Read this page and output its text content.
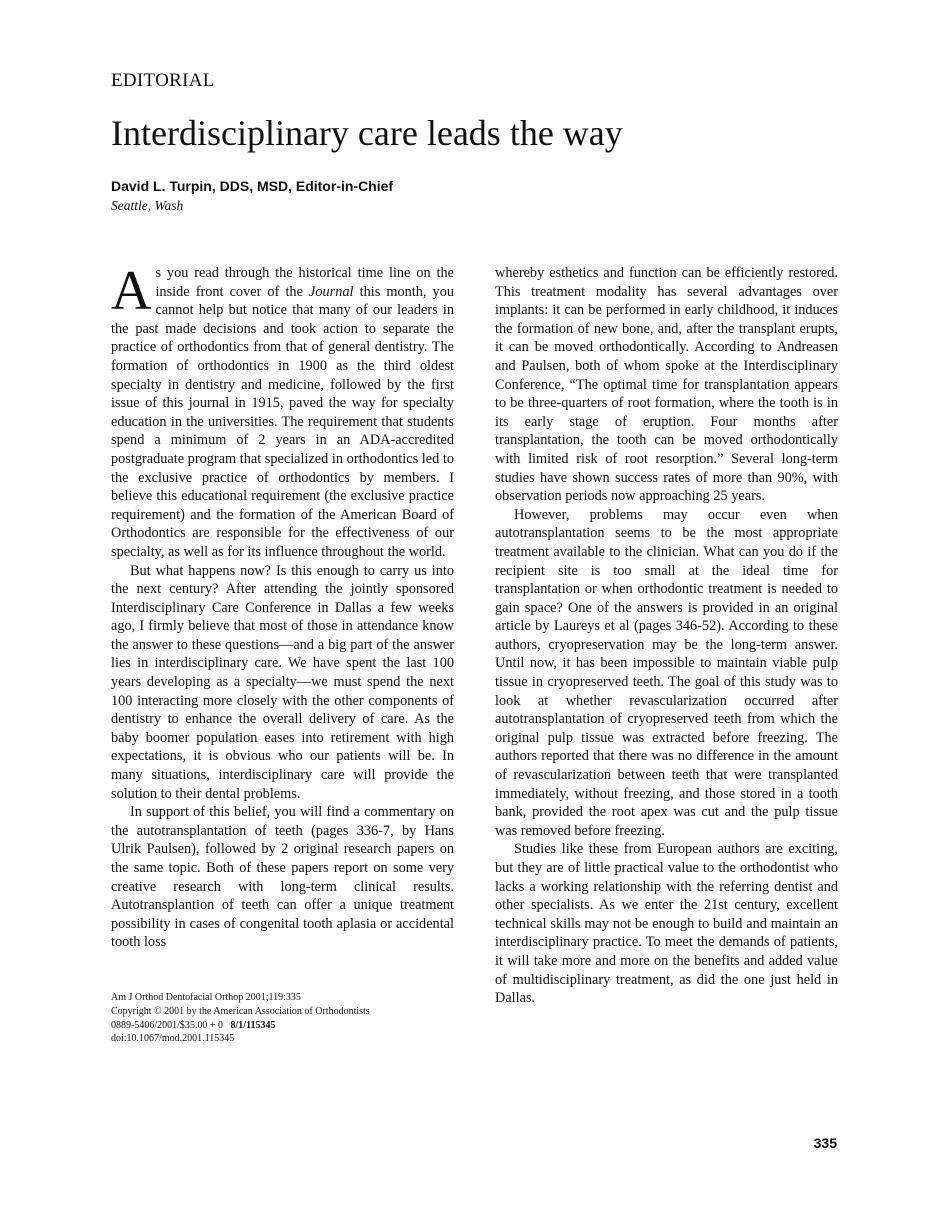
EDITORIAL
Interdisciplinary care leads the way
David L. Turpin, DDS, MSD, Editor-in-Chief
Seattle, Wash

As you read through the historical time line on the inside front cover of the Journal this month, you cannot help but notice that many of our leaders in the past made decisions and took action to separate the practice of orthodontics from that of general dentistry. The formation of orthodontics in 1900 as the third oldest specialty in dentistry and medicine, followed by the first issue of this journal in 1915, paved the way for specialty education in the universities. The requirement that students spend a minimum of 2 years in an ADA-accredited postgraduate program that specialized in orthodontics led to the exclusive practice of orthodontics by members. I believe this educational requirement (the exclusive practice requirement) and the formation of the American Board of Orthodontics are responsible for the effectiveness of our specialty, as well as for its influence throughout the world.

But what happens now? Is this enough to carry us into the next century? After attending the jointly sponsored Interdisciplinary Care Conference in Dallas a few weeks ago, I firmly believe that most of those in attendance know the answer to these questions—and a big part of the answer lies in interdisciplinary care. We have spent the last 100 years developing as a specialty—we must spend the next 100 interacting more closely with the other components of dentistry to enhance the overall delivery of care. As the baby boomer population eases into retirement with high expectations, it is obvious who our patients will be. In many situations, interdisciplinary care will provide the solution to their dental problems.

In support of this belief, you will find a commentary on the autotransplantation of teeth (pages 336-7, by Hans Ulrik Paulsen), followed by 2 original research papers on the same topic. Both of these papers report on some very creative research with long-term clinical results. Autotransplantion of teeth can offer a unique treatment possibility in cases of congenital tooth aplasia or accidental tooth loss

whereby esthetics and function can be efficiently restored. This treatment modality has several advantages over implants: it can be performed in early childhood, it induces the formation of new bone, and, after the transplant erupts, it can be moved orthodontically. According to Andreasen and Paulsen, both of whom spoke at the Interdisciplinary Conference, “The optimal time for transplantation appears to be three-quarters of root formation, where the tooth is in its early stage of eruption. Four months after transplantation, the tooth can be moved orthodontically with limited risk of root resorption.” Several long-term studies have shown success rates of more than 90%, with observation periods now approaching 25 years.

However, problems may occur even when autotransplantation seems to be the most appropriate treatment available to the clinician. What can you do if the recipient site is too small at the ideal time for transplantation or when orthodontic treatment is needed to gain space? One of the answers is provided in an original article by Laureys et al (pages 346-52). According to these authors, cryopreservation may be the long-term answer. Until now, it has been impossible to maintain viable pulp tissue in cryopreserved teeth. The goal of this study was to look at whether revascularization occurred after autotransplantation of cryopreserved teeth from which the original pulp tissue was extracted before freezing. The authors reported that there was no difference in the amount of revascularization between teeth that were transplanted immediately, without freezing, and those stored in a tooth bank, provided the root apex was cut and the pulp tissue was removed before freezing.

Studies like these from European authors are exciting, but they are of little practical value to the orthodontist who lacks a working relationship with the referring dentist and other specialists. As we enter the 21st century, excellent technical skills may not be enough to build and maintain an interdisciplinary practice. To meet the demands of patients, it will take more and more on the benefits and added value of multidisciplinary treatment, as did the one just held in Dallas.

Am J Orthod Dentofacial Orthop 2001;119:335
Copyright © 2001 by the American Association of Orthodontists
0889-5406/2001/$35.00 + 0 8/1/115345
doi:10.1067/mod.2001.115345
335
